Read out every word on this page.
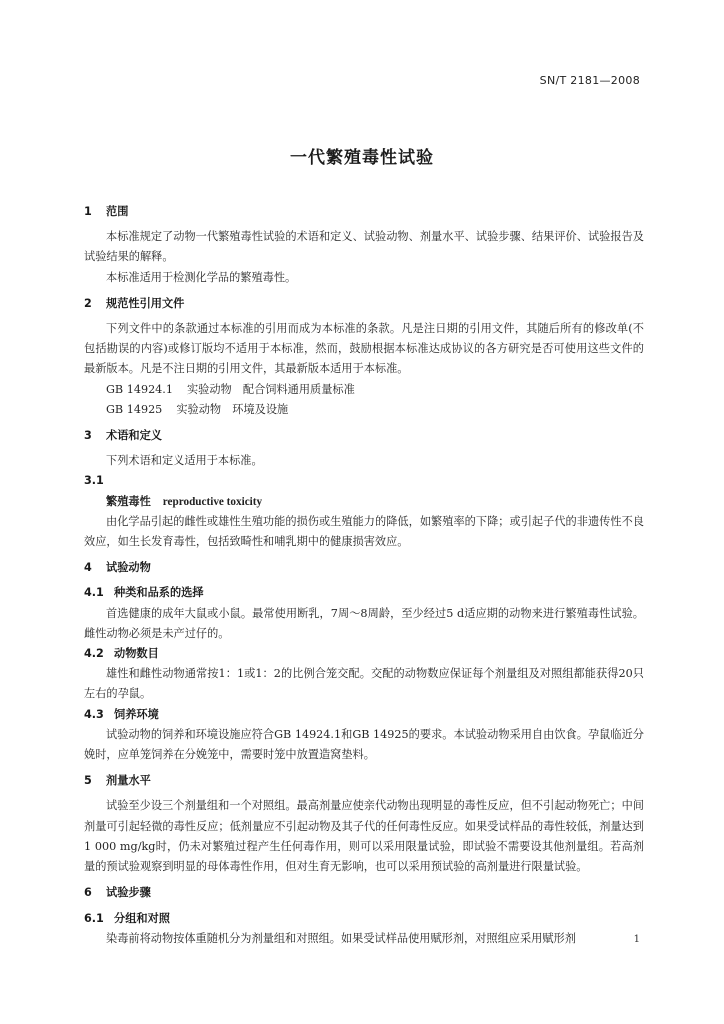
SN/T 2181—2008
一代繁殖毒性试验
1 范围
本标准规定了动物一代繁殖毒性试验的术语和定义、试验动物、剂量水平、试验步骤、结果评价、试验报告及试验结果的解释。
本标准适用于检测化学品的繁殖毒性。
2 规范性引用文件
下列文件中的条款通过本标准的引用而成为本标准的条款。凡是注日期的引用文件，其随后所有的修改单(不包括勘误的内容)或修订版均不适用于本标准，然而，鼓励根据本标准达成协议的各方研究是否可使用这些文件的最新版本。凡是不注日期的引用文件，其最新版本适用于本标准。
GB 14924.1 实验动物　配合饲料通用质量标准
GB 14925 实验动物　环境及设施
3 术语和定义
下列术语和定义适用于本标准。
3.1
繁殖毒性 reproductive toxicity
由化学品引起的雌性或雄性生殖功能的损伤或生殖能力的降低，如繁殖率的下降；或引起子代的非遗传性不良效应，如生长发育毒性，包括致畸性和哺乳期中的健康损害效应。
4 试验动物
4.1 种类和品系的选择
首选健康的成年大鼠或小鼠。最常使用断乳，7周～8周龄，至少经过5 d适应期的动物来进行繁殖毒性试验。雌性动物必须是未产过仔的。
4.2 动物数目
雄性和雌性动物通常按1：1或1：2的比例合笼交配。交配的动物数应保证每个剂量组及对照组都能获得20只左右的孕鼠。
4.3 饲养环境
试验动物的饲养和环境设施应符合GB 14924.1和GB 14925的要求。本试验动物采用自由饮食。孕鼠临近分娩时，应单笼饲养在分娩笼中，需要时笼中放置造窝垫料。
5 剂量水平
试验至少设三个剂量组和一个对照组。最高剂量应使亲代动物出现明显的毒性反应，但不引起动物死亡；中间剂量可引起轻微的毒性反应；低剂量应不引起动物及其子代的任何毒性反应。如果受试样品的毒性较低，剂量达到1 000 mg/kg时，仍未对繁殖过程产生任何毒作用，则可以采用限量试验，即试验不需要设其他剂量组。若高剂量的预试验观察到明显的母体毒性作用，但对生育无影响，也可以采用预试验的高剂量进行限量试验。
6 试验步骤
6.1 分组和对照
染毒前将动物按体重随机分为剂量组和对照组。如果受试样品使用赋形剂，对照组应采用赋形剂	1
